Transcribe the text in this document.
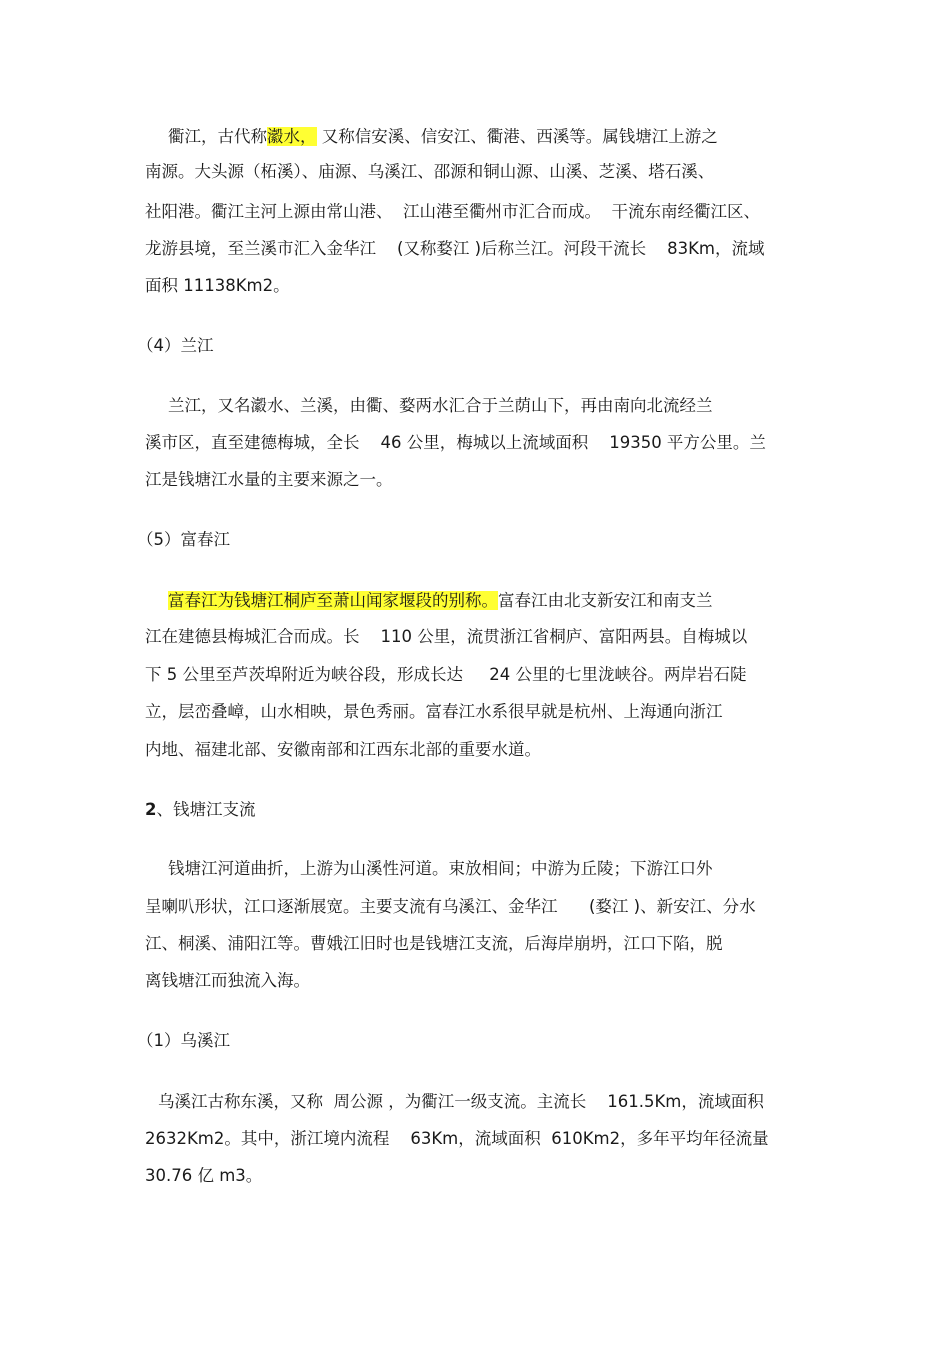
衢江，古代称瀫水， 又称信安溪、信安江、衢港、西溪等。属钱塘江上游之
南源。大头源（柘溪）、庙源、乌溪江、邵源和铜山源、山溪、芝溪、塔石溪、
社阳港。衢江主河上源由常山港、  江山港至衢州市汇合而成。  干流东南经衢江区、
龙游县境，至兰溪市汇入金华江    (又称婺江 )后称兰江。河段干流长    83Km，流域
面积 11138Km2。
（4）兰江
兰江，又名瀫水、兰溪，由衢、婺两水汇合于兰荫山下，再由南向北流经兰
溪市区，直至建德梅城，全长    46 公里，梅城以上流域面积    19350 平方公里。兰
江是钱塘江水量的主要来源之一。
（5）富春江
富春江为钱塘江桐庐至萧山闻家堰段的别称。富春江由北支新安江和南支兰
江在建德县梅城汇合而成。长    110 公里，流贯浙江省桐庐、富阳两县。自梅城以
下 5 公里至芦茨埠附近为峡谷段，形成长达     24 公里的七里泷峡谷。两岸岩石陡
立，层峦叠嶂，山水相映，景色秀丽。富春江水系很早就是杭州、上海通向浙江
内地、福建北部、安徽南部和江西东北部的重要水道。
2、钱塘江支流
钱塘江河道曲折，上游为山溪性河道。束放相间；中游为丘陵；下游江口外
呈喇叭形状，江口逐渐展宽。主要支流有乌溪江、金华江      (婺江 )、新安江、分水
江、桐溪、浦阳江等。曹娥江旧时也是钱塘江支流，后海岸崩坍，江口下陷，脱
离钱塘江而独流入海。
（1）乌溪江
乌溪江古称东溪，又称  周公源 ，为衢江一级支流。主流长    161.5Km，流域面积
2632Km2。其中，浙江境内流程    63Km，流域面积  610Km2，多年平均年径流量
30.76 亿 m3。
